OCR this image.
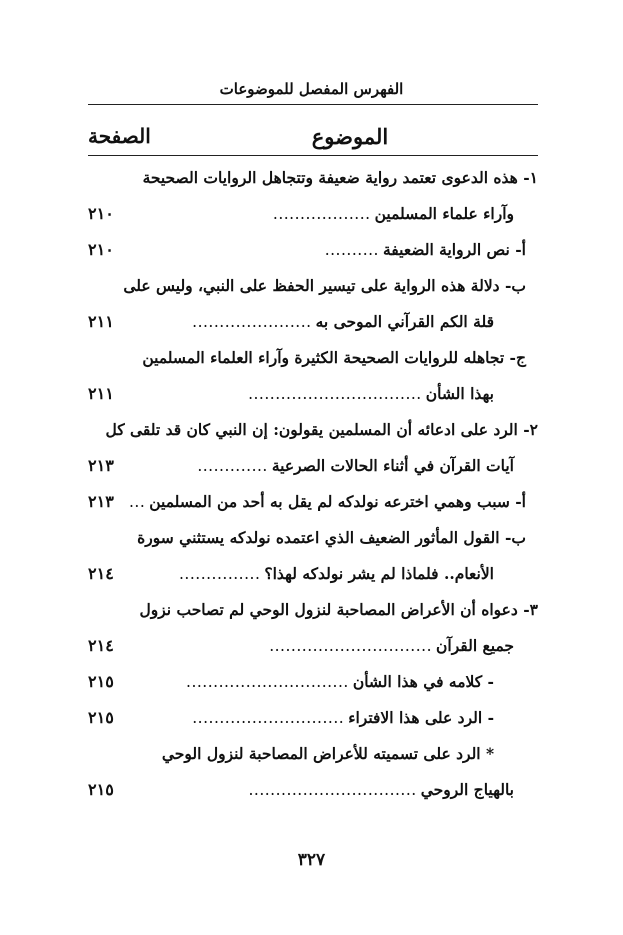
الفهرس المفصل للموضوعات
الموضوع
الصفحة
١- هذه الدعوى تعتمد رواية ضعيفة وتتجاهل الروايات الصحيحة
وآراء علماء المسلمين
..................
٢١٠
أ- نص الرواية الضعيفة
..........
٢١٠
ب- دلالة هذه الرواية على تيسير الحفظ على النبي، وليس على
قلة الكم القرآني الموحى به
......................
٢١١
ج- تجاهله للروايات الصحيحة الكثيرة وآراء العلماء المسلمين
بهذا الشأن
................................
٢١١
٢- الرد على ادعائه أن المسلمين يقولون: إن النبي كان قد تلقى كل
آيات القرآن في أثناء الحالات الصرعية
.............
٢١٣
أ- سبب وهمي اخترعه نولدكه لم يقل به أحد من المسلمين
...
٢١٣
ب- القول المأثور الضعيف الذي اعتمده نولدكه يستثني سورة
الأنعام.. فلماذا لم يشر نولدكه لهذا؟
...............
٢١٤
٣- دعواه أن الأعراض المصاحبة لنزول الوحي لم تصاحب نزول
جميع القرآن
..............................
٢١٤
- كلامه في هذا الشأن
..............................
٢١٥
- الرد على هذا الافتراء
............................
٢١٥
* الرد على تسميته للأعراض المصاحبة لنزول الوحي
بالهياج الروحي
...............................
٢١٥
٣٢٧
